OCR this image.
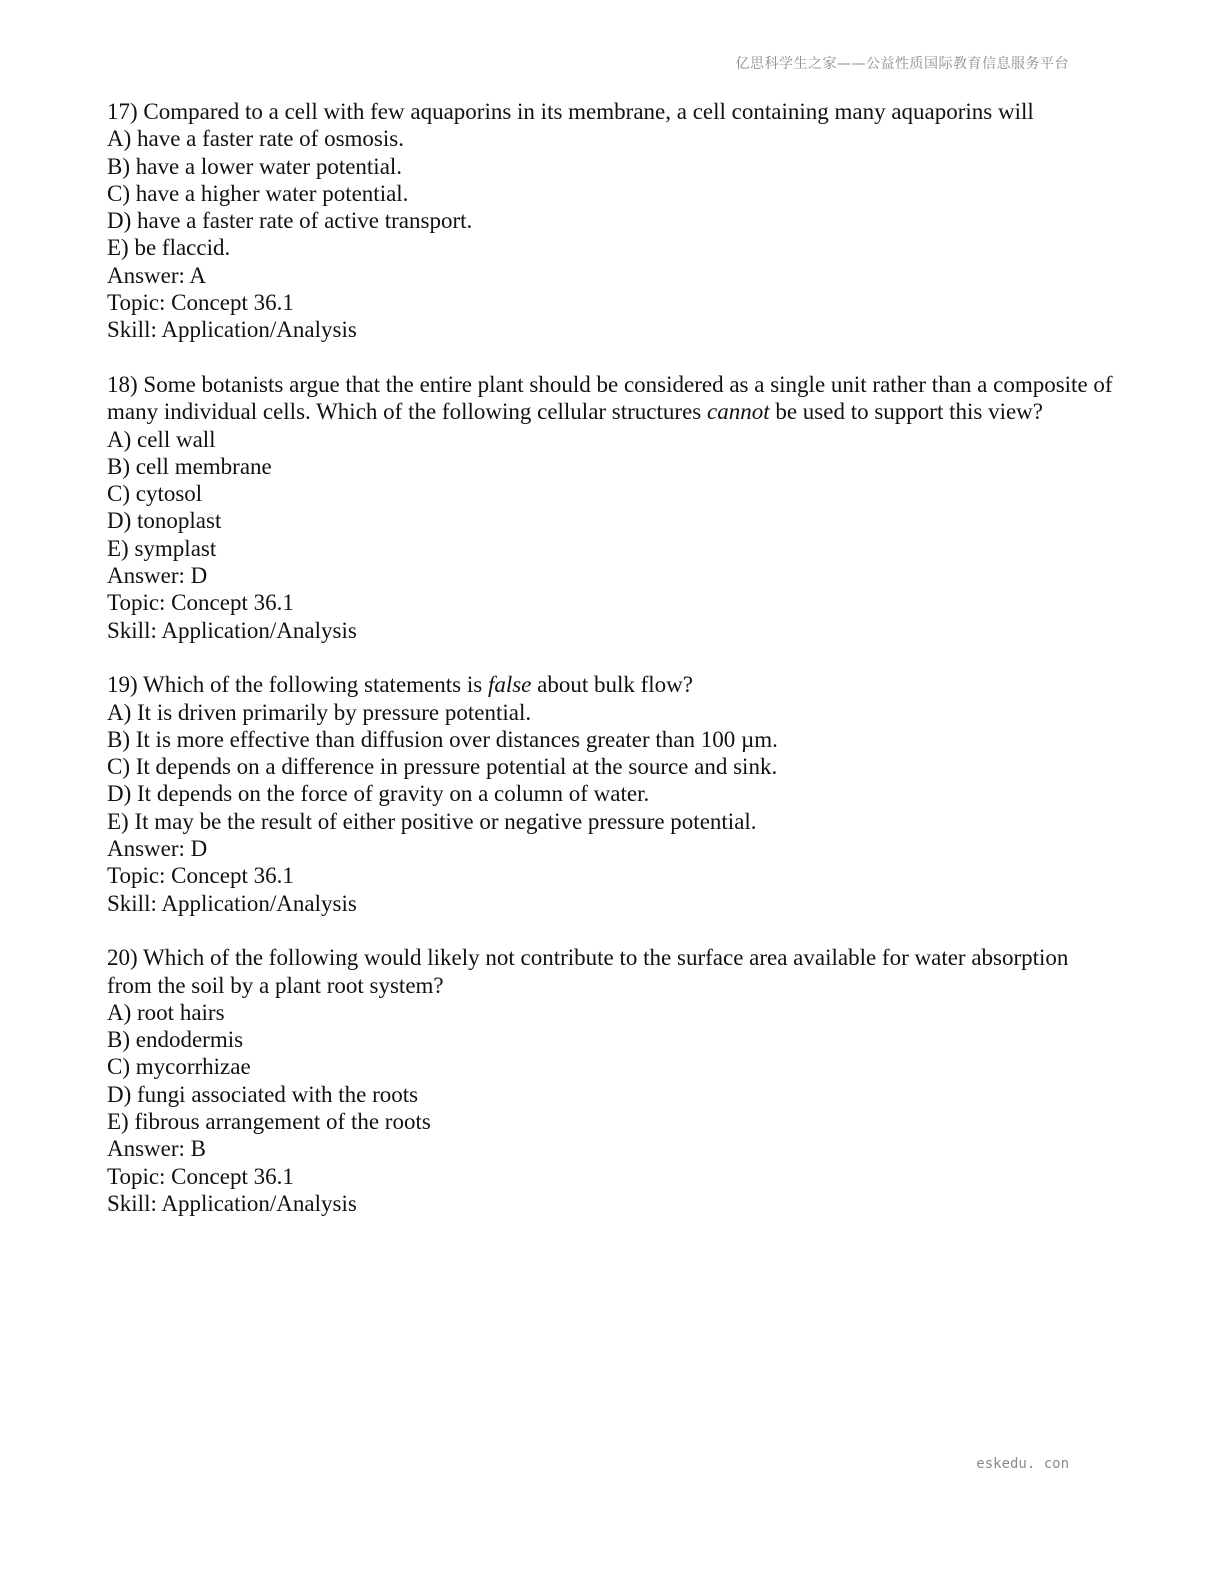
亿思科学生之家——公益性质国际教育信息服务平台
17) Compared to a cell with few aquaporins in its membrane, a cell containing many aquaporins will
A) have a faster rate of osmosis.
B) have a lower water potential.
C) have a higher water potential.
D) have a faster rate of active transport.
E) be flaccid.
Answer: A
Topic: Concept 36.1
Skill: Application/Analysis
18) Some botanists argue that the entire plant should be considered as a single unit rather than a composite of many individual cells. Which of the following cellular structures cannot be used to support this view?
A) cell wall
B) cell membrane
C) cytosol
D) tonoplast
E) symplast
Answer: D
Topic: Concept 36.1
Skill: Application/Analysis
19) Which of the following statements is false about bulk flow?
A) It is driven primarily by pressure potential.
B) It is more effective than diffusion over distances greater than 100 µm.
C) It depends on a difference in pressure potential at the source and sink.
D) It depends on the force of gravity on a column of water.
E) It may be the result of either positive or negative pressure potential.
Answer: D
Topic: Concept 36.1
Skill: Application/Analysis
20) Which of the following would likely not contribute to the surface area available for water absorption from the soil by a plant root system?
A) root hairs
B) endodermis
C) mycorrhizae
D) fungi associated with the roots
E) fibrous arrangement of the roots
Answer: B
Topic: Concept 36.1
Skill: Application/Analysis
eskedu. con
